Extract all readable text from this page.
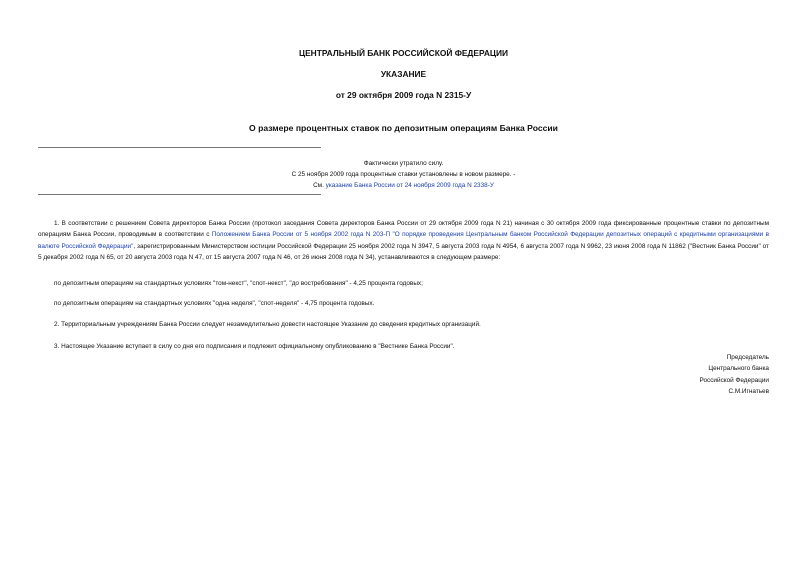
ЦЕНТРАЛЬНЫЙ БАНК РОССИЙСКОЙ ФЕДЕРАЦИИ
УКАЗАНИЕ
от 29 октября 2009 года N 2315-У
О размере процентных ставок по депозитным операциям Банка России
Фактически утратило силу.
С 25 ноября 2009 года процентные ставки установлены в новом размере. -
См. указание Банка России от 24 ноября 2009 года N 2338-У
1. В соответствии с решением Совета директоров Банка России (протокол заседания Совета директоров Банка России от 29 октября 2009 года N 21) начиная с 30 октября 2009 года фиксированные процентные ставки по депозитным операциям Банка России, проводимым в соответствии с Положением Банка России от 5 ноября 2002 года N 203-П "О порядке проведения Центральным банком Российской Федерации депозитных операций с кредитными организациями в валюте Российской Федерации", зарегистрированным Министерством юстиции Российской Федерации 25 ноября 2002 года N 3947, 5 августа 2003 года N 4954, 6 августа 2007 года N 9962, 23 июня 2008 года N 11862 ("Вестник Банка России" от 5 декабря 2002 года N 65, от 20 августа 2003 года N 47, от 15 августа 2007 года N 46, от 26 июня 2008 года N 34), устанавливаются в следующем размере:
по депозитным операциям на стандартных условиях "том-некст", "спот-некст", "до востребования" - 4,25 процента годовых;
по депозитным операциям на стандартных условиях "одна неделя", "спот-неделя" - 4,75 процента годовых.
2. Территориальным учреждениям Банка России следует незамедлительно довести настоящее Указание до сведения кредитных организаций.
3. Настоящее Указание вступает в силу со дня его подписания и подлежит официальному опубликованию в "Вестнике Банка России".
Председатель
Центрального банка
Российской Федерации
С.М.Игнатьев
